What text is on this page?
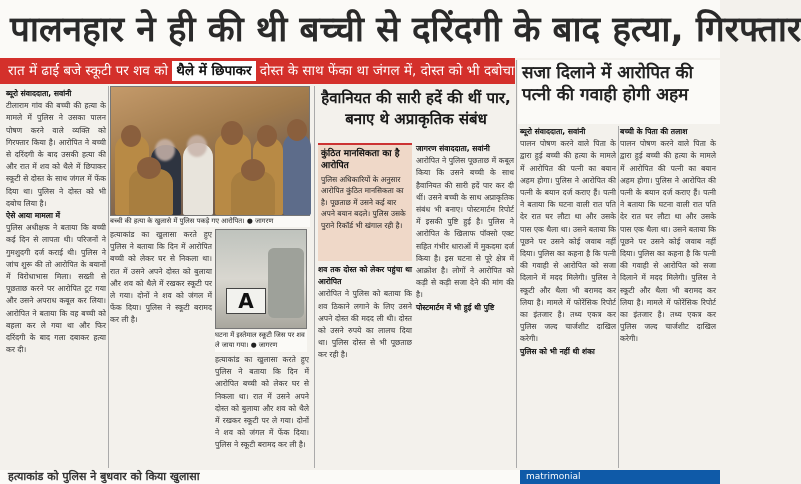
पालनहार ने ही की थी बच्ची से दरिंदगी के बाद हत्या, गिरफ्तार
रात में ढाई बजे स्कूटी पर शव को थैले में छिपाकर दोस्त के साथ फेंका था जंगल में, दोस्त को भी दबोचा सजा दिलाने में आरोपित की पत्नी की गवाही होगी अहम
ब्यूरो संवाददाता, सवांनी
टीलाराम गांव की बच्ची की हत्या के मामले में पुलिस ने उसका पालन पोषण करने वाले व्यक्ति को गिरफ्तार किया है। आरोपित ने बच्ची से दरिंदगी के बाद उसकी हत्या की और रात में शव को थैले में छिपाकर स्कूटी से दोस्त के साथ जंगल में फेंक दिया था। पुलिस ने दोस्त को भी दबोच लिया है।
ऐसे आया मामला में
पुलिस अधीक्षक ने बताया कि बच्ची कई दिन से लापता थी। परिजनों ने गुमशुदगी दर्ज कराई थी। पुलिस ने जांच शुरू की तो आरोपित के बयानों में विरोधाभास मिला। सख्ती से पूछताछ करने पर आरोपित टूट गया और उसने अपराध कबूल कर लिया। आरोपित ने बताया कि वह बच्ची को बहला कर ले गया था और फिर दरिंदगी के बाद गला दबाकर हत्या कर दी।
बच्ची की हत्या के खुलासे में पुलिस पकड़े गए आरोपित। ● जागरण
हत्याकांड का खुलासा करते हुए पुलिस ने बताया कि दिन में आरोपित बच्ची को लेकर घर से निकला था। रात में उसने अपने दोस्त को बुलाया और शव को थैले में रखकर स्कूटी पर ले गया। दोनों ने शव को जंगल में फेंक दिया। पुलिस ने स्कूटी बरामद कर ली है।
A
घटना में इस्तेमाल स्कूटी जिस पर शव ले जाया गया। ● जागरण
हत्याकांड का खुलासा करते हुए पुलिस ने बताया कि दिन में आरोपित बच्ची को लेकर घर से निकला था। रात में उसने अपने दोस्त को बुलाया और शव को थैले में रखकर स्कूटी पर ले गया। दोनों ने शव को जंगल में फेंक दिया। पुलिस ने स्कूटी बरामद कर ली है।
हैवानियत की सारी हदें की थीं पार, बनाए थे अप्राकृतिक संबंध
कुंठित मानसिकता का है आरोपित
पुलिस अधिकारियों के अनुसार आरोपित कुंठित मानसिकता का है। पूछताछ में उसने कई बार अपने बयान बदले। पुलिस उसके पुराने रिकॉर्ड भी खंगाल रही है।
जागरण संवाददाता, सवांनी
आरोपित ने पुलिस पूछताछ में कबूल किया कि उसने बच्ची के साथ हैवानियत की सारी हदें पार कर दी थीं। उसने बच्ची के साथ अप्राकृतिक संबंध भी बनाए। पोस्टमार्टम रिपोर्ट में इसकी पुष्टि हुई है। पुलिस ने आरोपित के खिलाफ पॉक्सो एक्ट सहित गंभीर धाराओं में मुकदमा दर्ज किया है। इस घटना से पूरे क्षेत्र में आक्रोश है। लोगों ने आरोपित को कड़ी से कड़ी सजा देने की मांग की है।
पोस्टमार्टम में भी हुई थी पुष्टि
शव तक दोस्त को लेकर पहुंचा था आरोपित
आरोपित ने पुलिस को बताया कि शव ठिकाने लगाने के लिए उसने अपने दोस्त की मदद ली थी। दोस्त को उसने रुपये का लालच दिया था। पुलिस दोस्त से भी पूछताछ कर रही है।
ब्यूरो संवाददाता, सवांनी
पालन पोषण करने वाले पिता के द्वारा हुई बच्ची की हत्या के मामले में आरोपित की पत्नी का बयान अहम होगा। पुलिस ने आरोपित की पत्नी के बयान दर्ज कराए हैं। पत्नी ने बताया कि घटना वाली रात पति देर रात घर लौटा था और उसके पास एक थैला था। उसने बताया कि पूछने पर उसने कोई जवाब नहीं दिया। पुलिस का कहना है कि पत्नी की गवाही से आरोपित को सजा दिलाने में मदद मिलेगी। पुलिस ने स्कूटी और थैला भी बरामद कर लिया है। मामले में फोरेंसिक रिपोर्ट का इंतजार है। तथ्य एकत्र कर पुलिस जल्द चार्जशीट दाखिल करेगी।
पुलिस को भी नहीं थी शंका
बच्ची के पिता की तलाश
पालन पोषण करने वाले पिता के द्वारा हुई बच्ची की हत्या के मामले में आरोपित की पत्नी का बयान अहम होगा। पुलिस ने आरोपित की पत्नी के बयान दर्ज कराए हैं। पत्नी ने बताया कि घटना वाली रात पति देर रात घर लौटा था और उसके पास एक थैला था। उसने बताया कि पूछने पर उसने कोई जवाब नहीं दिया। पुलिस का कहना है कि पत्नी की गवाही से आरोपित को सजा दिलाने में मदद मिलेगी। पुलिस ने स्कूटी और थैला भी बरामद कर लिया है। मामले में फोरेंसिक रिपोर्ट का इंतजार है। तथ्य एकत्र कर पुलिस जल्द चार्जशीट दाखिल करेगी।
हत्याकांड को पुलिस ने बुधवार को किया खुलासा	matrimonial
